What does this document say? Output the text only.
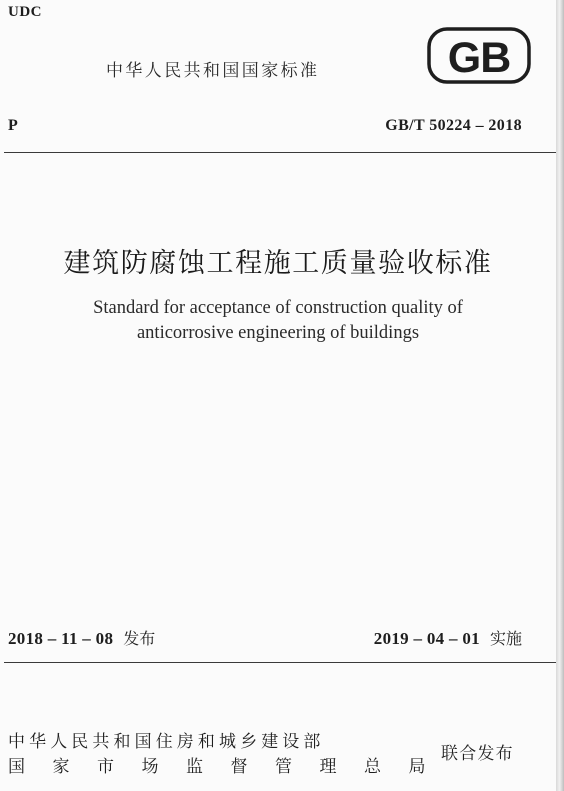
UDC
中华人民共和国国家标准	GB
P	GB/T 50224 – 2018
建筑防腐蚀工程施工质量验收标准
Standard for acceptance of construction quality of
anticorrosive engineering of buildings
2018 – 11 – 08 发布	2019 – 04 – 01 实施
中华人民共和国住房和城乡建设部
国家市场监督管理总局
联合发布
